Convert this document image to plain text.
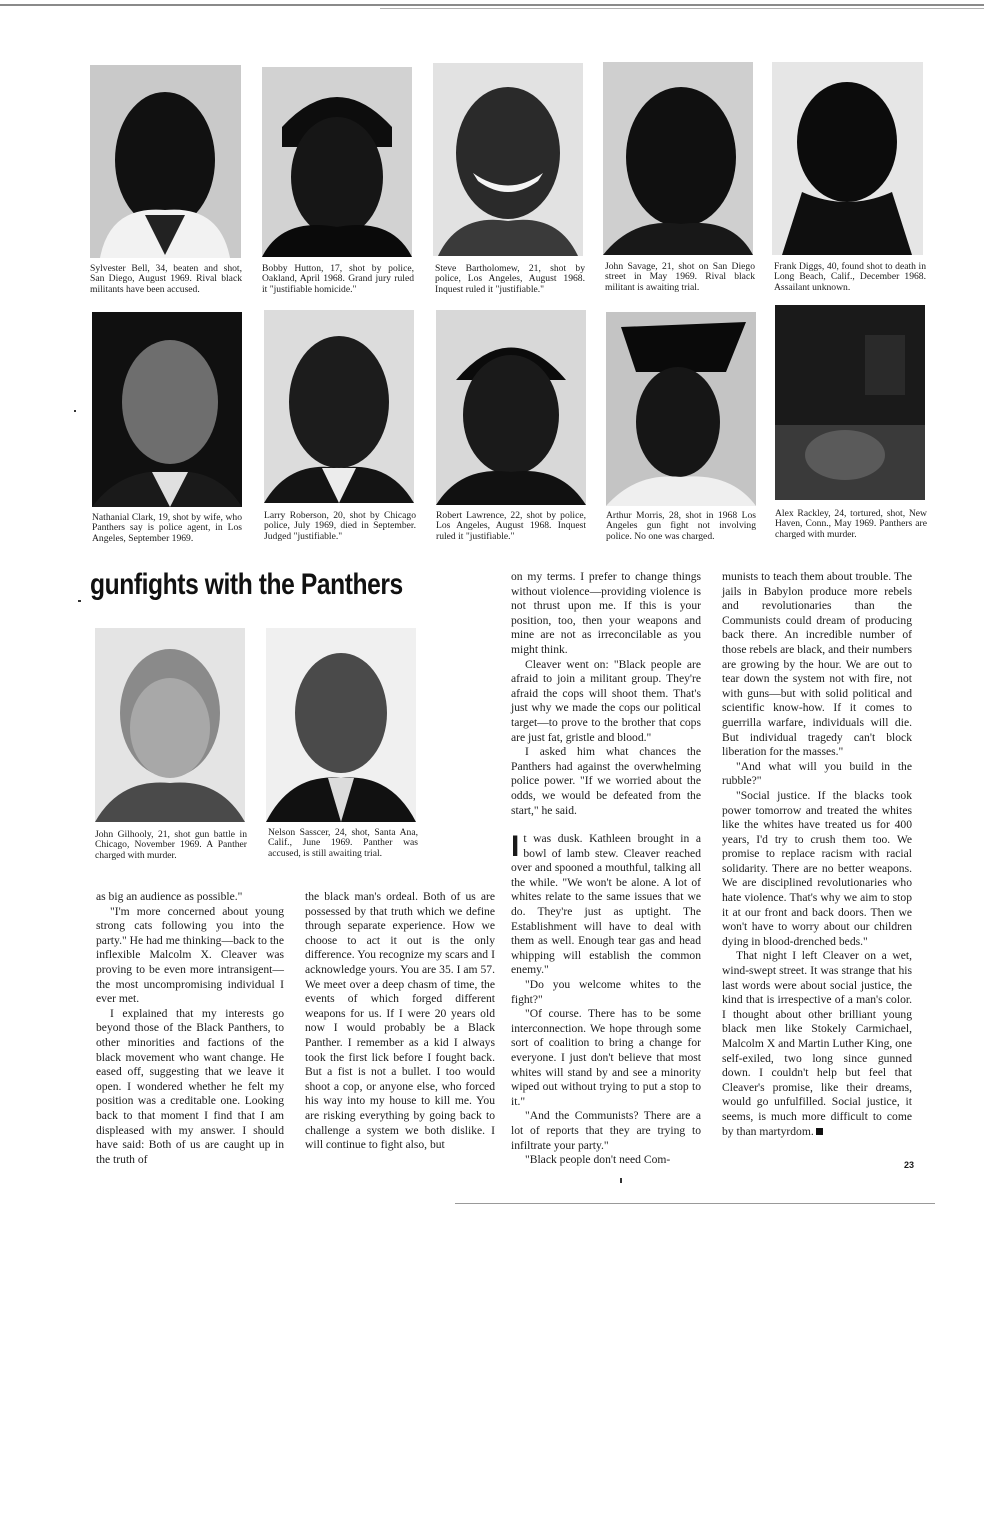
Sylvester Bell, 34, beaten and shot, San Diego, August 1969. Rival black militants have been accused.
Bobby Hutton, 17, shot by police, Oakland, April 1968. Grand jury ruled it "justifiable homicide."
Steve Bartholomew, 21, shot by police, Los Angeles, August 1968. Inquest ruled it "justifiable."
John Savage, 21, shot on San Diego street in May 1969. Rival black militant is awaiting trial.
Frank Diggs, 40, found shot to death in Long Beach, Calif., December 1968. Assailant unknown.
Nathanial Clark, 19, shot by wife, who Panthers say is police agent, in Los Angeles, September 1969.
Larry Roberson, 20, shot by Chicago police, July 1969, died in September. Judged "justifiable."
Robert Lawrence, 22, shot by police, Los Angeles, August 1968. Inquest ruled it "justifiable."
Arthur Morris, 28, shot in 1968 Los Angeles gun fight not involving police. No one was charged.
Alex Rackley, 24, tortured, shot, New Haven, Conn., May 1969. Panthers are charged with murder.
gunfights with the Panthers
John Gilhooly, 21, shot gun battle in Chicago, November 1969. A Panther charged with murder.
Nelson Sasscer, 24, shot, Santa Ana, Calif., June 1969. Panther was accused, is still awaiting trial.

on my terms. I prefer to change things without violence—providing violence is not thrust upon me. If this is your position, too, then your weapons and mine are not as irreconcilable as you might think.

Cleaver went on: "Black people are afraid to join a militant group. They're afraid the cops will shoot them. That's just why we made the cops our political target—to prove to the brother that cops are just fat, gristle and blood."

I asked him what chances the Panthers had against the overwhelming police power. "If we worried about the odds, we would be defeated from the start," he said.

It was dusk. Kathleen brought in a bowl of lamb stew. Cleaver reached over and spooned a mouthful, talking all the while. "We won't be alone. A lot of whites relate to the same issues that we do. They're just as uptight. The Establishment will have to deal with them as well. Enough tear gas and head whipping will establish the common enemy."

"Do you welcome whites to the fight?"

"Of course. There has to be some interconnection. We hope through some sort of coalition to bring a change for everyone. I just don't believe that most whites will stand by and see a minority wiped out without trying to put a stop to it."

"And the Communists? There are a lot of reports that they are trying to infiltrate your party."

"Black people don't need Com-

munists to teach them about trouble. The jails in Babylon produce more rebels and revolutionaries than the Communists could dream of producing back there. An incredible number of those rebels are black, and their numbers are growing by the hour. We are out to tear down the system not with fire, not with guns—but with solid political and scientific know-how. If it comes to guerrilla warfare, individuals will die. But individual tragedy can't block liberation for the masses."

"And what will you build in the rubble?"

"Social justice. If the blacks took power tomorrow and treated the whites like the whites have treated us for 400 years, I'd try to crush them too. We promise to replace racism with racial solidarity. There are no better weapons. We are disciplined revolutionaries who hate violence. That's why we aim to stop it at our front and back doors. Then we won't have to worry about our children dying in blood-drenched beds."

That night I left Cleaver on a wet, wind-swept street. It was strange that his last words were about social justice, the kind that is irrespective of a man's color. I thought about other brilliant young black men like Stokely Carmichael, Malcolm X and Martin Luther King, one self-exiled, two long since gunned down. I couldn't help but feel that Cleaver's promise, like their dreams, would go unfulfilled. Social justice, it seems, is much more difficult to come by than martyrdom.

as big an audience as possible."

"I'm more concerned about young strong cats following you into the party." He had me thinking—back to the inflexible Malcolm X. Cleaver was proving to be even more intransigent—the most uncompromising individual I ever met.

I explained that my interests go beyond those of the Black Panthers, to other minorities and factions of the black movement who want change. He eased off, suggesting that we leave it open. I wondered whether he felt my position was a creditable one. Looking back to that moment I find that I am displeased with my answer. I should have said: Both of us are caught up in the truth of

the black man's ordeal. Both of us are possessed by that truth which we define through separate experience. How we choose to act it out is the only difference. You recognize my scars and I acknowledge yours. You are 35. I am 57. We meet over a deep chasm of time, the events of which forged different weapons for us. If I were 20 years old now I would probably be a Black Panther. I remember as a kid I always took the first lick before I fought back. But a fist is not a bullet. I too would shoot a cop, or anyone else, who forced his way into my house to kill me. You are risking everything by going back to challenge a system we both dislike. I will continue to fight also, but

23
